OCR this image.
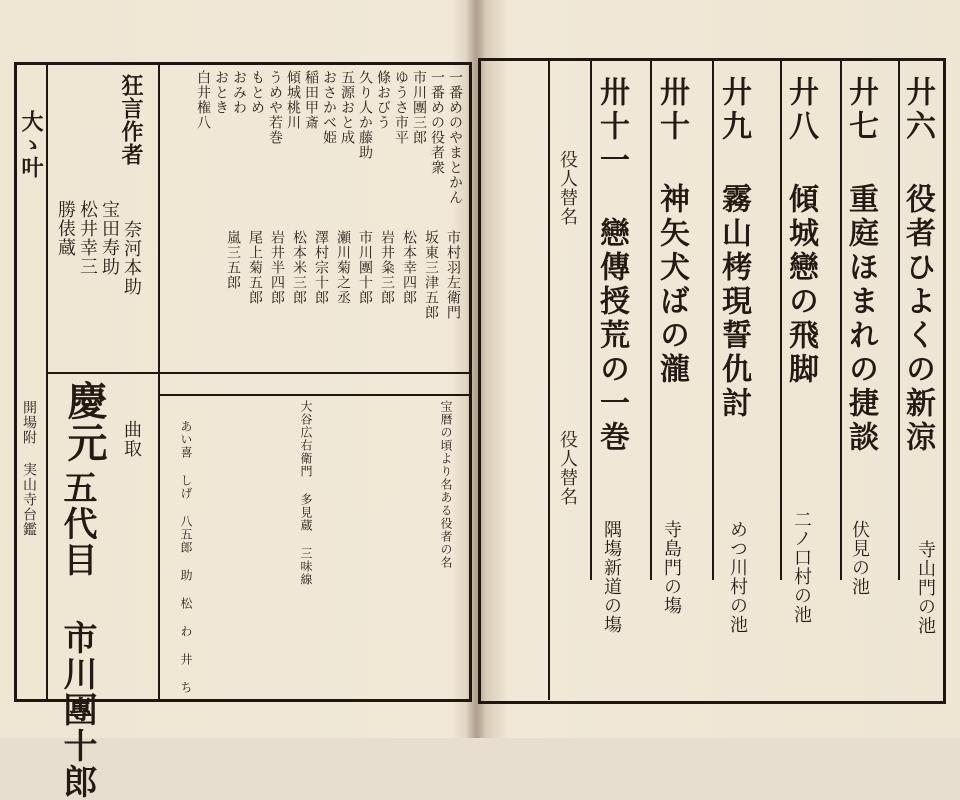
廾六 役者ひよくの新涼
寺山門の池
廾七 重庭ほまれの捷談
伏見の池
廾八 傾城戀の飛脚
二ノ口村の池
廾九 霧山栲現誓仇討
めつ川村の池
卅十 神矢犬ばの瀧
寺島門の塲
卅十一 戀傳授荒の一巻
隅塲新道の塲
役人替名
役人替名
一番めのやまとかん
一番めの役者衆
市川團三郎
ゆうさ市平
條おびう
久り人か藤助
五源おと成
おさかべ姫
稲田甲斎
傾城桃川
うめや若巻
もとめ
おみわ
おとき
白井権八
市村羽左衛門
坂東三津五郎
松本幸四郎
岩井粂三郎
市川團十郎
瀬川菊之丞
澤村宗十郎
松本米三郎
岩井半四郎
尾上菊五郎
嵐三五郎
狂言作者
奈河本助
宝田寿助
松井幸三
勝俵蔵
曲取
慶元
五代目 市川團十郎	宝暦の頃より名ある役者の名
大谷広右衛門 多見蔵 三味線
あい喜 しげ 八五郎 助 松 わ 井 ち
大ゝ叶
開場附 実山寺台鑑
